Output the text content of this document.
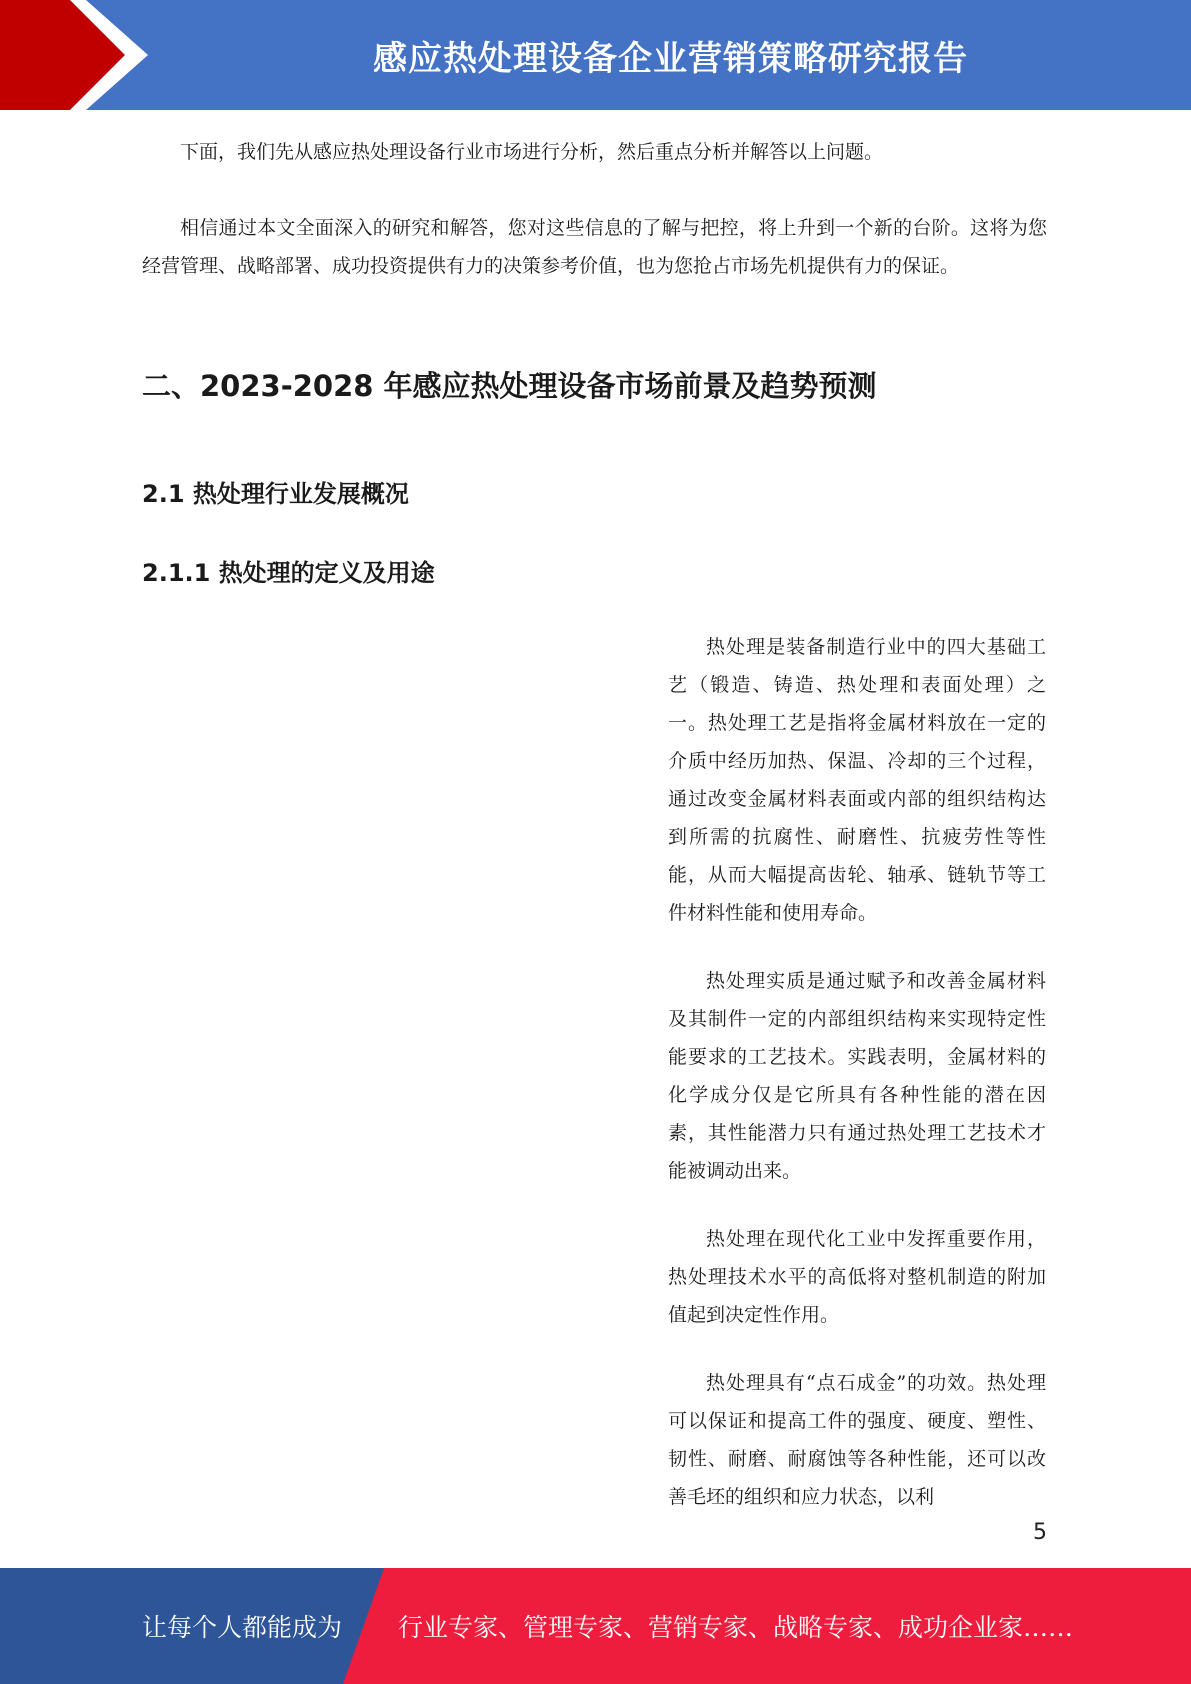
感应热处理设备企业营销策略研究报告

下面，我们先从感应热处理设备行业市场进行分析，然后重点分析并解答以上问题。

相信通过本文全面深入的研究和解答，您对这些信息的了解与把控，将上升到一个新的台阶。这将为您经营管理、战略部署、成功投资提供有力的决策参考价值，也为您抢占市场先机提供有力的保证。

二、2023-2028 年感应热处理设备市场前景及趋势预测
2.1 热处理行业发展概况
2.1.1 热处理的定义及用途

热处理是装备制造行业中的四大基础工艺（锻造、铸造、热处理和表面处理）之一。热处理工艺是指将金属材料放在一定的介质中经历加热、保温、冷却的三个过程，通过改变金属材料表面或内部的组织结构达到所需的抗腐性、耐磨性、抗疲劳性等性能，从而大幅提高齿轮、轴承、链轨节等工件材料性能和使用寿命。

热处理实质是通过赋予和改善金属材料及其制件一定的内部组织结构来实现特定性能要求的工艺技术。实践表明，金属材料的化学成分仅是它所具有各种性能的潜在因素，其性能潜力只有通过热处理工艺技术才能被调动出来。

热处理在现代化工业中发挥重要作用，热处理技术水平的高低将对整机制造的附加值起到决定性作用。

热处理具有“点石成金”的功效。热处理可以保证和提高工件的强度、硬度、塑性、韧性、耐磨、耐腐蚀等各种性能，还可以改善毛坯的组织和应力状态，以利

5
让每个人都能成为 行业专家、管理专家、营销专家、战略专家、成功企业家……
